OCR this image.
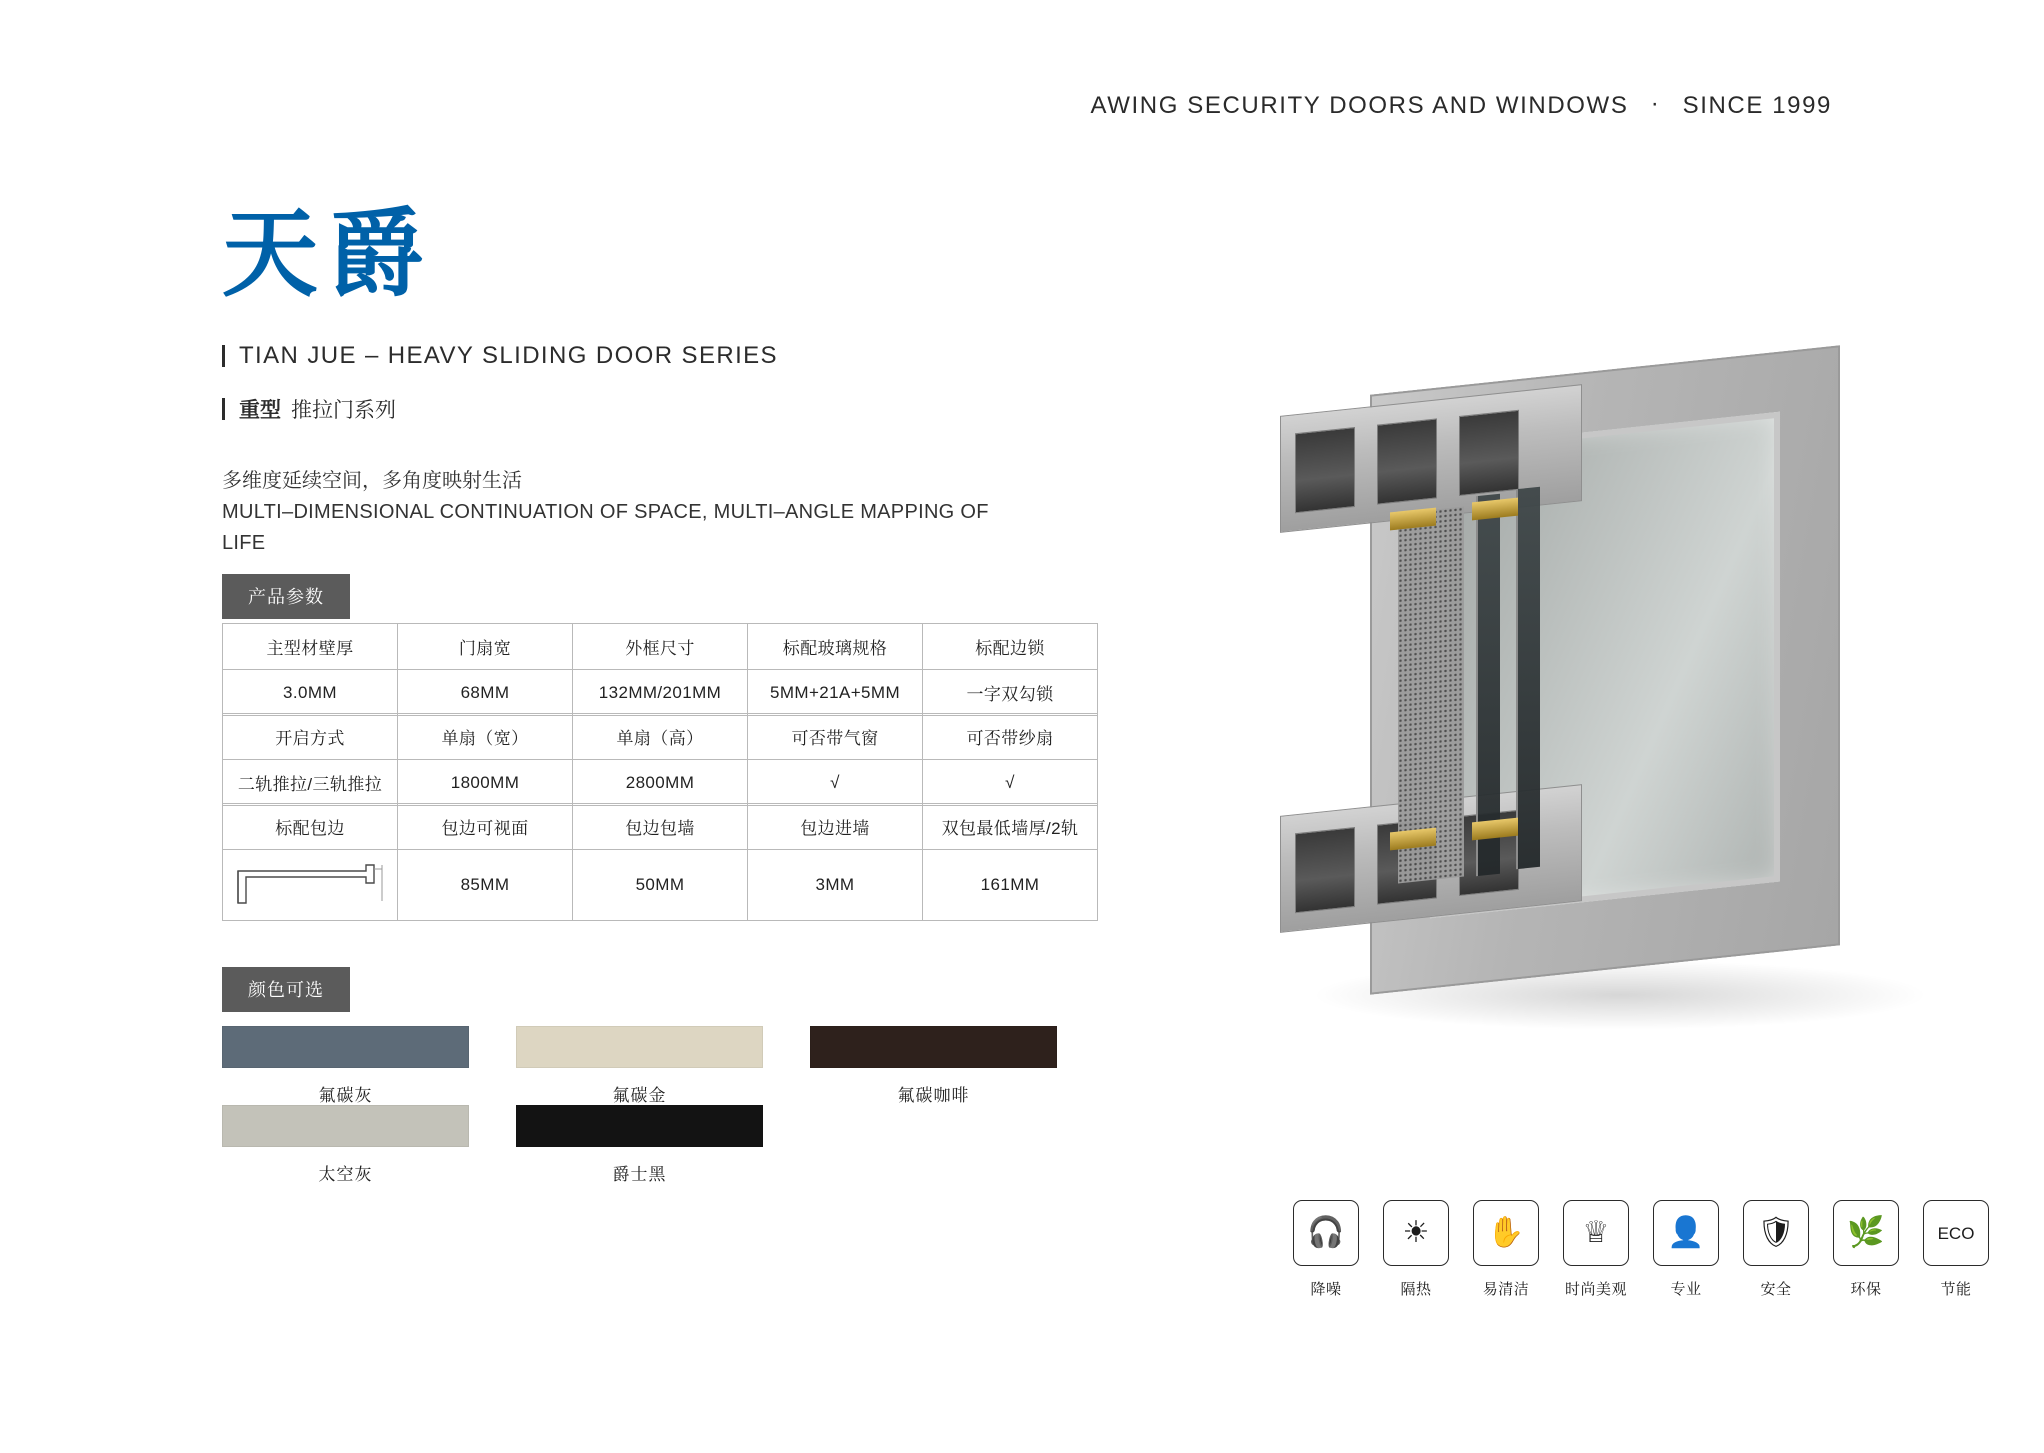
AWING SECURITY DOORS AND WINDOWS · SINCE 1999
天爵
TIAN JUE – HEAVY SLIDING DOOR SERIES
重型 推拉门系列
多维度延续空间，多角度映射生活
MULTI–DIMENSIONAL CONTINUATION OF SPACE, MULTI–ANGLE MAPPING OF LIFE
产品参数
颜色可选
主型材壁厚	门扇宽	外框尺寸	标配玻璃规格	标配边锁
3.0MM	68MM	132MM/201MM	5MM+21A+5MM	一字双勾锁
开启方式	单扇（宽）	单扇（高）	可否带气窗	可否带纱扇
二轨推拉/三轨推拉	1800MM	2800MM	√	√
标配包边	包边可视面	包边包墙	包边进墙	双包最低墙厚/2轨

	85MM	50MM	3MM	161MM
氟碳灰	氟碳金	氟碳咖啡
太空灰	爵士黑
🎧
降噪
☀
隔热
✋
易清洁
♕
时尚美观
👤
专业
🛡
安全
🌿
环保
ECO
节能
